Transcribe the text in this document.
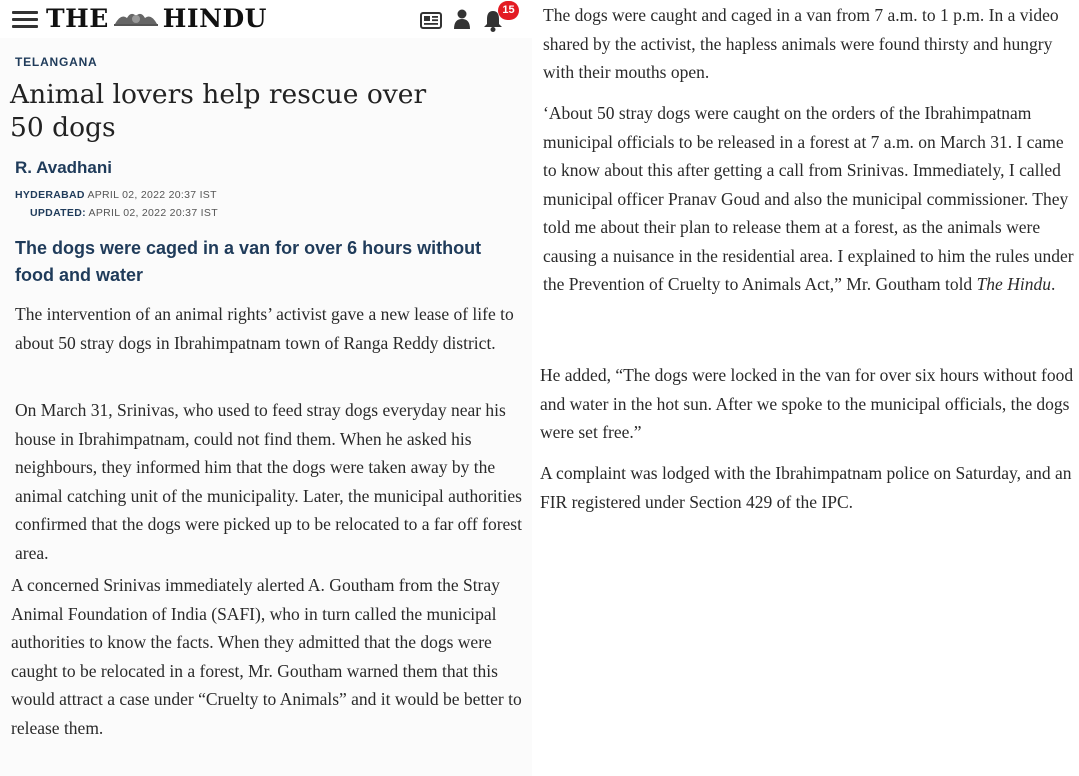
THE HINDU	15
TELANGANA
Animal lovers help rescue over 50 dogs
R. Avadhani
HYDERABAD APRIL 02, 2022 20:37 IST
UPDATED: APRIL 02, 2022 20:37 IST
The dogs were caged in a van for over 6 hours without food and water

The intervention of an animal rights’ activist gave a new lease of life to about 50 stray dogs in Ibrahimpatnam town of Ranga Reddy district.

On March 31, Srinivas, who used to feed stray dogs everyday near his house in Ibrahimpatnam, could not find them. When he asked his neighbours, they informed him that the dogs were taken away by the animal catching unit of the municipality. Later, the municipal authorities confirmed that the dogs were picked up to be relocated to a far off forest area.

A concerned Srinivas immediately alerted A. Goutham from the Stray Animal Foundation of India (SAFI), who in turn called the municipal authorities to know the facts. When they admitted that the dogs were caught to be relocated in a forest, Mr. Goutham warned them that this would attract a case under “Cruelty to Animals” and it would be better to release them.

The dogs were caught and caged in a van from 7 a.m. to 1 p.m. In a video shared by the activist, the hapless animals were found thirsty and hungry with their mouths open.

‘About 50 stray dogs were caught on the orders of the Ibrahimpatnam municipal officials to be released in a forest at 7 a.m. on March 31. I came to know about this after getting a call from Srinivas. Immediately, I called municipal officer Pranav Goud and also the municipal commissioner. They told me about their plan to release them at a forest, as the animals were causing a nuisance in the residential area. I explained to him the rules under the Prevention of Cruelty to Animals Act,” Mr. Goutham told The Hindu.

He added, “The dogs were locked in the van for over six hours without food and water in the hot sun. After we spoke to the municipal officials, the dogs were set free.”

A complaint was lodged with the Ibrahimpatnam police on Saturday, and an FIR registered under Section 429 of the IPC.
